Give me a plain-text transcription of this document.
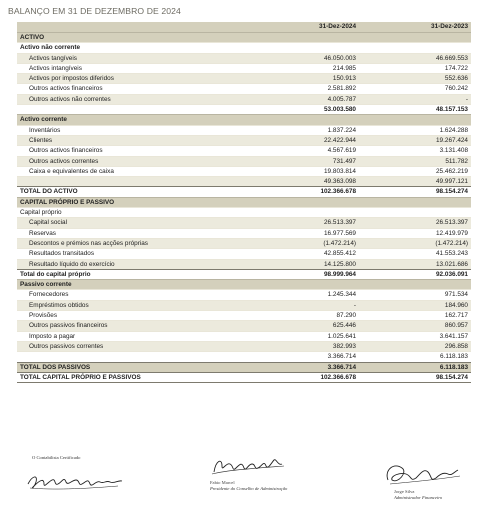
BALANÇO EM 31 DE DEZEMBRO DE 2024
31-Dez-2024	31-Dez-2023
ACTIVO
Activo não corrente
Activos tangíveis	46.050.003	46.669.553
Activos intangíveis	214.985	174.722
Activos por impostos diferidos	150.913	552.636
Outros activos financeiros	2.581.892	760.242
Outros activos não correntes	4.005.787	-
53.003.580	48.157.153
Activo corrente
Inventários	1.837.224	1.624.288
Clientes	22.422.944	19.267.424
Outros activos financeiros	4.567.619	3.131.408
Outros activos correntes	731.497	511.782
Caixa e equivalentes de caixa	19.803.814	25.462.219
49.363.098	49.997.121
TOTAL DO ACTIVO	102.366.678	98.154.274
CAPITAL PRÓPRIO E PASSIVO
Capital próprio
Capital social	26.513.397	26.513.397
Reservas	16.977.569	12.419.979
Descontos e prémios nas acções próprias	(1.472.214)	(1.472.214)
Resultados transitados	42.855.412	41.553.243
Resultado líquido do exercício	14.125.800	13.021.686
Total do capital próprio	98.999.964	92.036.091
Passivo corrente
Fornecedores	1.245.344	971.534
Empréstimos obtidos	-	184.960
Provisões	87.290	162.717
Outros passivos financeiros	625.446	860.957
Imposto a pagar	1.025.641	3.641.157
Outros passivos correntes	382.993	296.858
3.366.714	6.118.183
TOTAL DOS PASSIVOS	3.366.714	6.118.183
TOTAL CAPITAL PRÓPRIO E PASSIVOS	102.366.678	98.154.274
O Contabilista Certificado
Fabio Marcel
Presidente do Conselho de Administração
Jorge Silva
Administrador Financeiro
